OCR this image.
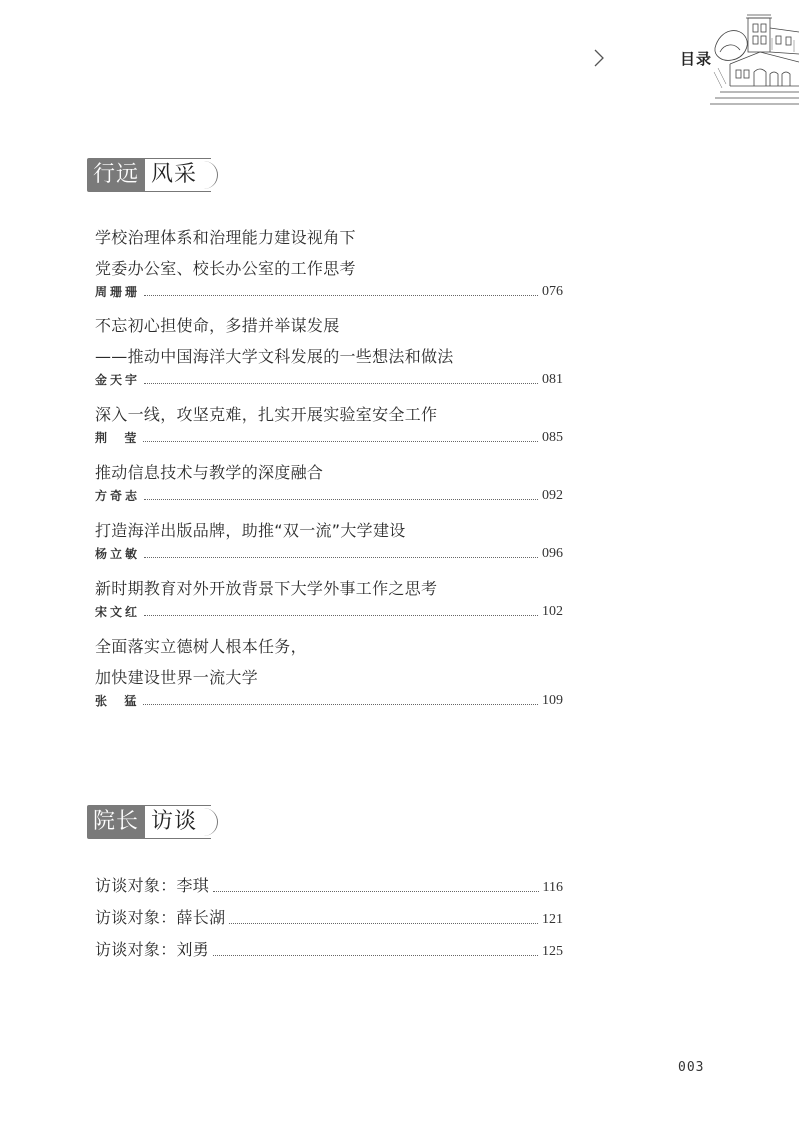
目录
行远 风采
学校治理体系和治理能力建设视角下
党委办公室、校长办公室的工作思考
周珊珊	076
不忘初心担使命，多措并举谋发展
——推动中国海洋大学文科发展的一些想法和做法
金天宇	081
深入一线，攻坚克难，扎实开展实验室安全工作
荆  莹	085
推动信息技术与教学的深度融合
方奇志	092
打造海洋出版品牌，助推“双一流”大学建设
杨立敏	096
新时期教育对外开放背景下大学外事工作之思考
宋文红	102
全面落实立德树人根本任务，
加快建设世界一流大学
张  猛	109
院长 访谈
访谈对象：李琪	116
访谈对象：薛长湖	121
访谈对象：刘勇	125
003
